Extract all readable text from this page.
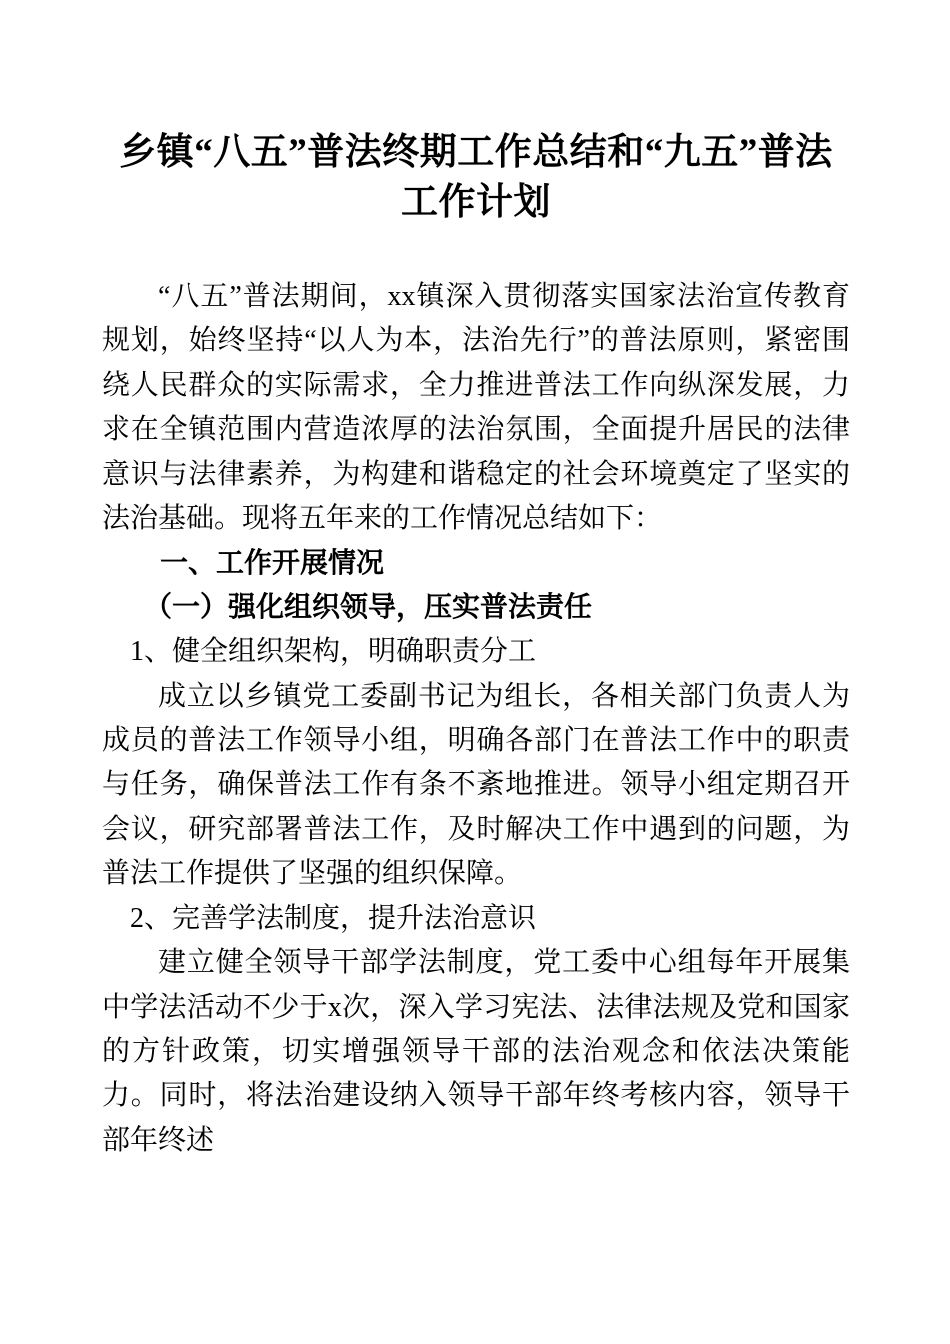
乡镇“八五”普法终期工作总结和“九五”普法工作计划

“八五”普法期间，xx镇深入贯彻落实国家法治宣传教育规划，始终坚持“以人为本，法治先行”的普法原则，紧密围绕人民群众的实际需求，全力推进普法工作向纵深发展，力求在全镇范围内营造浓厚的法治氛围，全面提升居民的法律意识与法律素养，为构建和谐稳定的社会环境奠定了坚实的法治基础。现将五年来的工作情况总结如下：

一、工作开展情况
（一）强化组织领导，压实普法责任
1、健全组织架构，明确职责分工

成立以乡镇党工委副书记为组长，各相关部门负责人为成员的普法工作领导小组，明确各部门在普法工作中的职责与任务，确保普法工作有条不紊地推进。领导小组定期召开会议，研究部署普法工作，及时解决工作中遇到的问题，为普法工作提供了坚强的组织保障。

2、完善学法制度，提升法治意识

建立健全领导干部学法制度，党工委中心组每年开展集中学法活动不少于x次，深入学习宪法、法律法规及党和国家的方针政策，切实增强领导干部的法治观念和依法决策能力。同时，将法治建设纳入领导干部年终考核内容，领导干部年终述
